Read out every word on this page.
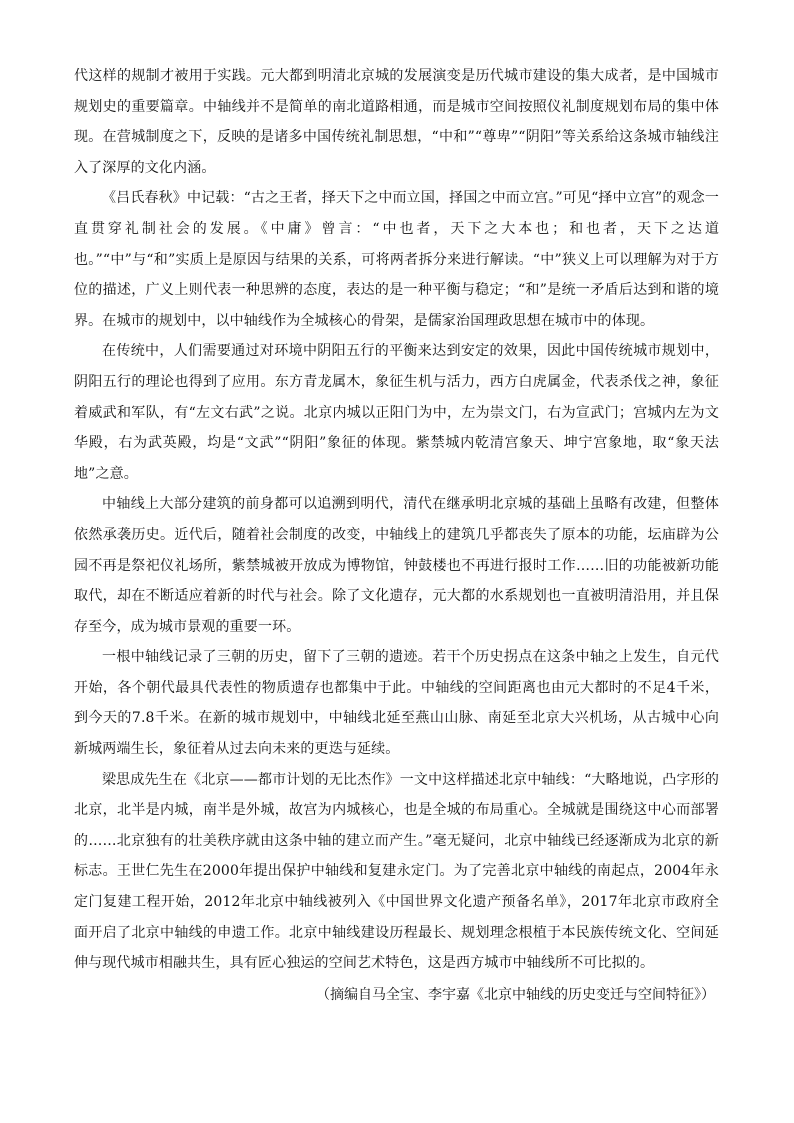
代这样的规制才被用于实践。元大都到明清北京城的发展演变是历代城市建设的集大成者，是中国城市规划史的重要篇章。中轴线并不是简单的南北道路相通，而是城市空间按照仪礼制度规划布局的集中体现。在营城制度之下，反映的是诸多中国传统礼制思想，“中和”“尊卑”“阴阳”等关系给这条城市轴线注入了深厚的文化内涵。

《吕氏春秋》中记载：“古之王者，择天下之中而立国，择国之中而立宫。”可见“择中立宫”的观念一直贯穿礼制社会的发展。《中庸》曾言：“中也者，天下之大本也；和也者，天下之达道也。”“中”与“和”实质上是原因与结果的关系，可将两者拆分来进行解读。“中”狭义上可以理解为对于方位的描述，广义上则代表一种思辨的态度，表达的是一种平衡与稳定；“和”是统一矛盾后达到和谐的境界。在城市的规划中，以中轴线作为全城核心的骨架，是儒家治国理政思想在城市中的体现。

在传统中，人们需要通过对环境中阴阳五行的平衡来达到安定的效果，因此中国传统城市规划中，阴阳五行的理论也得到了应用。东方青龙属木，象征生机与活力，西方白虎属金，代表杀伐之神，象征着威武和军队，有“左文右武”之说。北京内城以正阳门为中，左为崇文门，右为宣武门；宫城内左为文华殿，右为武英殿，均是“文武”“阴阳”象征的体现。紫禁城内乾清宫象天、坤宁宫象地，取“象天法地”之意。

中轴线上大部分建筑的前身都可以追溯到明代，清代在继承明北京城的基础上虽略有改建，但整体依然承袭历史。近代后，随着社会制度的改变，中轴线上的建筑几乎都丧失了原本的功能，坛庙辟为公园不再是祭祀仪礼场所，紫禁城被开放成为博物馆，钟鼓楼也不再进行报时工作……旧的功能被新功能取代，却在不断适应着新的时代与社会。除了文化遗存，元大都的水系规划也一直被明清沿用，并且保存至今，成为城市景观的重要一环。

一根中轴线记录了三朝的历史，留下了三朝的遗迹。若干个历史拐点在这条中轴之上发生，自元代开始，各个朝代最具代表性的物质遗存也都集中于此。中轴线的空间距离也由元大都时的不足4千米，到今天的7.8千米。在新的城市规划中，中轴线北延至燕山山脉、南延至北京大兴机场，从古城中心向新城两端生长，象征着从过去向未来的更迭与延续。

梁思成先生在《北京——都市计划的无比杰作》一文中这样描述北京中轴线：“大略地说，凸字形的北京，北半是内城，南半是外城，故宫为内城核心，也是全城的布局重心。全城就是围绕这中心而部署的……北京独有的壮美秩序就由这条中轴的建立而产生。”毫无疑问，北京中轴线已经逐渐成为北京的新标志。王世仁先生在2000年提出保护中轴线和复建永定门。为了完善北京中轴线的南起点，2004年永定门复建工程开始，2012年北京中轴线被列入《中国世界文化遗产预备名单》，2017年北京市政府全面开启了北京中轴线的申遗工作。北京中轴线建设历程最长、规划理念根植于本民族传统文化、空间延伸与现代城市相融共生，具有匠心独运的空间艺术特色，这是西方城市中轴线所不可比拟的。

（摘编自马全宝、李宇嘉《北京中轴线的历史变迁与空间特征》）
